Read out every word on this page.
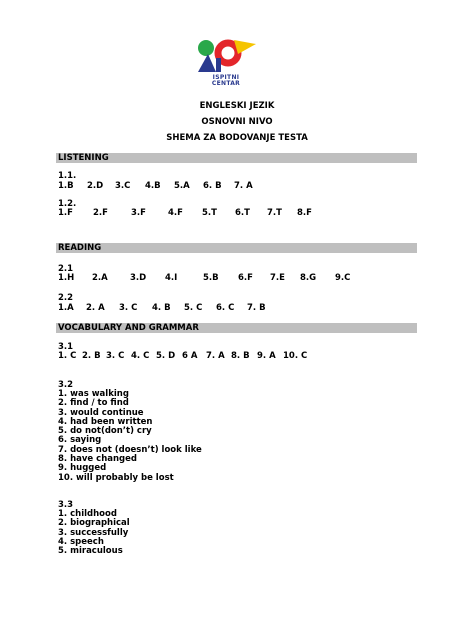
ISPITNI
CENTAR
ENGLESKI JEZIK
OSNOVNI NIVO
SHEMA ZA BODOVANJE TESTA
LISTENING
1.1.
1.B 2.D 3.C 4.B 5.A 6. B 7. A
1.2.
1.F 2.F	3.F	4.F 5.T 6.T 7.T 8.F
READING
2.1
1.H 2.A	3.D 4.I	5.B 6.F 7.E 8.G 9.C
2.2
1.A 2. A 3. C 4. B 5. C 6. C 7. B
VOCABULARY AND GRAMMAR
3.1
1. C 2. B 3. C 4. C 5. D 6 A 7. A 8. B 9. A 10. C
3.2
1. was walking
2. find / to find
3. would continue
4. had been written
5. do not(don’t) cry
6. saying
7. does not (doesn’t) look like
8. have changed
9. hugged
10. will probably be lost
3.3
1. childhood
2. biographical
3. successfully
4. speech
5. miraculous
